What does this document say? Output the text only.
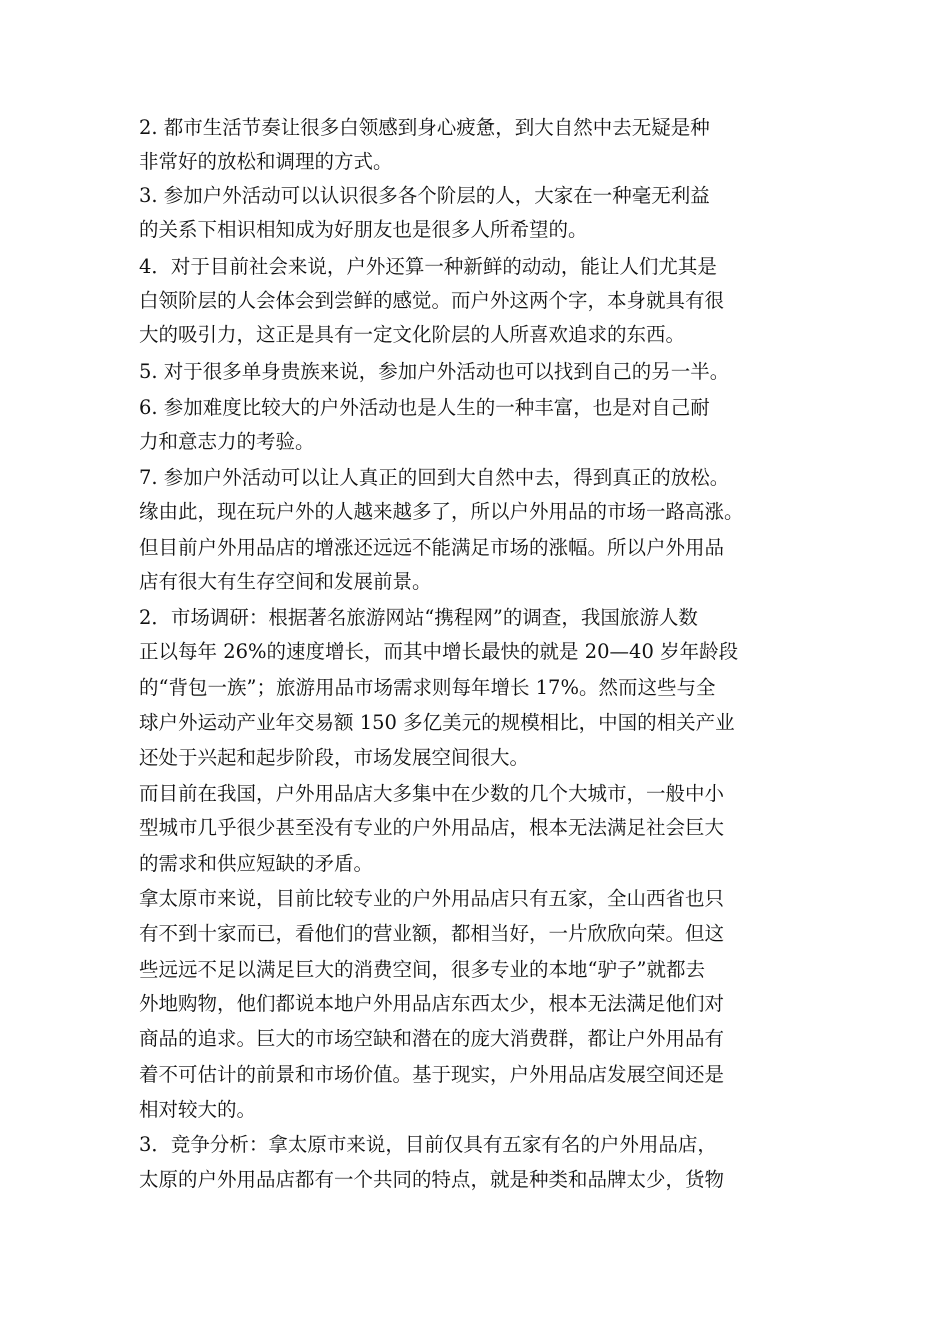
2. 都市生活节奏让很多白领感到身心疲惫，到大自然中去无疑是种
非常好的放松和调理的方式。
3. 参加户外活动可以认识很多各个阶层的人，大家在一种毫无利益
的关系下相识相知成为好朋友也是很多人所希望的。
4．对于目前社会来说，户外还算一种新鲜的动动，能让人们尤其是
白领阶层的人会体会到尝鲜的感觉。而户外这两个字，本身就具有很
大的吸引力，这正是具有一定文化阶层的人所喜欢追求的东西。
5. 对于很多单身贵族来说，参加户外活动也可以找到自己的另一半。
6. 参加难度比较大的户外活动也是人生的一种丰富，也是对自己耐
力和意志力的考验。
7. 参加户外活动可以让人真正的回到大自然中去，得到真正的放松。
缘由此，现在玩户外的人越来越多了，所以户外用品的市场一路高涨。
但目前户外用品店的增涨还远远不能满足市场的涨幅。所以户外用品
店有很大有生存空间和发展前景。
2．市场调研：根据著名旅游网站“携程网”的调查，我国旅游人数
正以每年 26%的速度增长，而其中增长最快的就是 20—40 岁年龄段
的“背包一族”；旅游用品市场需求则每年增长 17%。然而这些与全
球户外运动产业年交易额 150 多亿美元的规模相比，中国的相关产业
还处于兴起和起步阶段，市场发展空间很大。
而目前在我国，户外用品店大多集中在少数的几个大城市，一般中小
型城市几乎很少甚至没有专业的户外用品店，根本无法满足社会巨大
的需求和供应短缺的矛盾。
拿太原市来说，目前比较专业的户外用品店只有五家，全山西省也只
有不到十家而已，看他们的营业额，都相当好，一片欣欣向荣。但这
些远远不足以满足巨大的消费空间，很多专业的本地“驴子”就都去
外地购物，他们都说本地户外用品店东西太少，根本无法满足他们对
商品的追求。巨大的市场空缺和潜在的庞大消费群，都让户外用品有
着不可估计的前景和市场价值。基于现实，户外用品店发展空间还是
相对较大的。
3．竞争分析：拿太原市来说，目前仅具有五家有名的户外用品店，
太原的户外用品店都有一个共同的特点，就是种类和品牌太少，货物
